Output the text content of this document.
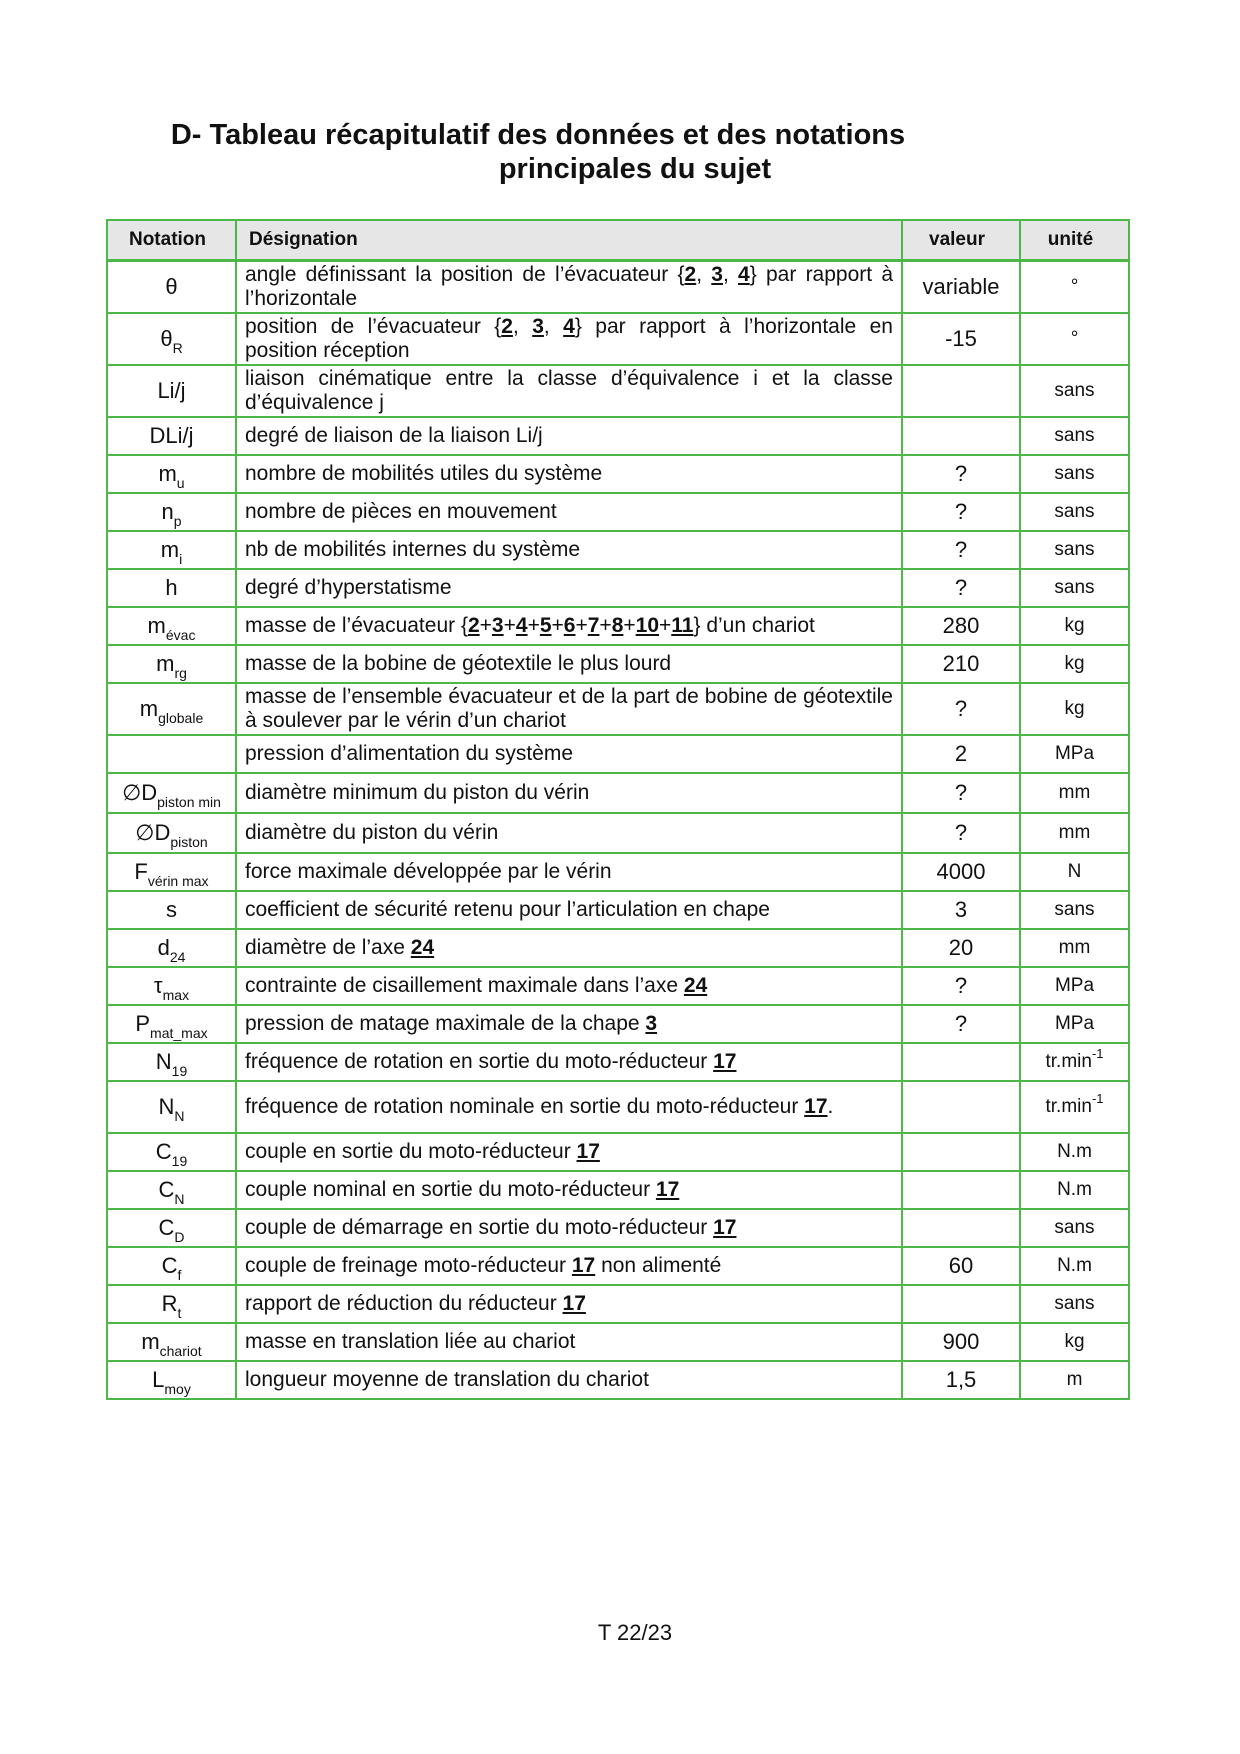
D- Tableau récapitulatif des données et des notations
principales du sujet
Notation	Désignation	valeur	unité
θ	angle définissant la position de l’évacuateur {2, 3, 4} par rapport à l’horizontale	variable	°
$\theta_R$	position de l’évacuateur {2, 3, 4} par rapport à l’horizontale en position réception	-15	°
Li/j	liaison cinématique entre la classe d’équivalence i et la classe d’équivalence j		sans
DLi/j	degré de liaison de la liaison Li/j		sans
$m_u$	nombre de mobilités utiles du système	?	sans
$n_p$	nombre de pièces en mouvement	?	sans
$m_i$	nb de mobilités internes du système	?	sans
h	degré d’hyperstatisme	?	sans
$m_{évac}$	masse de l’évacuateur {2+3+4+5+6+7+8+10+11} d’un chariot	280	kg
$m_{rg}$	masse de la bobine de géotextile le plus lourd	210	kg
$m_{globale}$	masse de l’ensemble évacuateur et de la part de bobine de géotextile à soulever par le vérin d’un chariot	?	kg
	pression d’alimentation du système	2	MPa
$\emptyset D_{piston min}$	diamètre minimum du piston du vérin	?	mm
$\emptyset D_{piston}$	diamètre du piston du vérin	?	mm
$F_{vérin max}$	force maximale développée par le vérin	4000	N
s	coefficient de sécurité retenu pour l’articulation en chape	3	sans
$d_{24}$	diamètre de l’axe 24	20	mm
$\tau_{max}$	contrainte de cisaillement maximale dans l’axe 24	?	MPa
$P_{mat\_max}$	pression de matage maximale de la chape 3	?	MPa
$N_{19}$	fréquence de rotation en sortie du moto-réducteur 17		$tr.\min^{-1}$
$N_N$	fréquence de rotation nominale en sortie du moto-réducteur 17.		$tr.\min^{-1}$
$C_{19}$	couple en sortie du moto-réducteur 17		N.m
$C_N$	couple nominal en sortie du moto-réducteur 17		N.m
$C_D$	couple de démarrage en sortie du moto-réducteur 17		sans
$C_f$	couple de freinage moto-réducteur 17 non alimenté	60	N.m
$R_t$	rapport de réduction du réducteur 17		sans
$m_{chariot}$	masse en translation liée au chariot	900	kg
$L_{moy}$	longueur moyenne de translation du chariot	1,5	m
T 22/23
